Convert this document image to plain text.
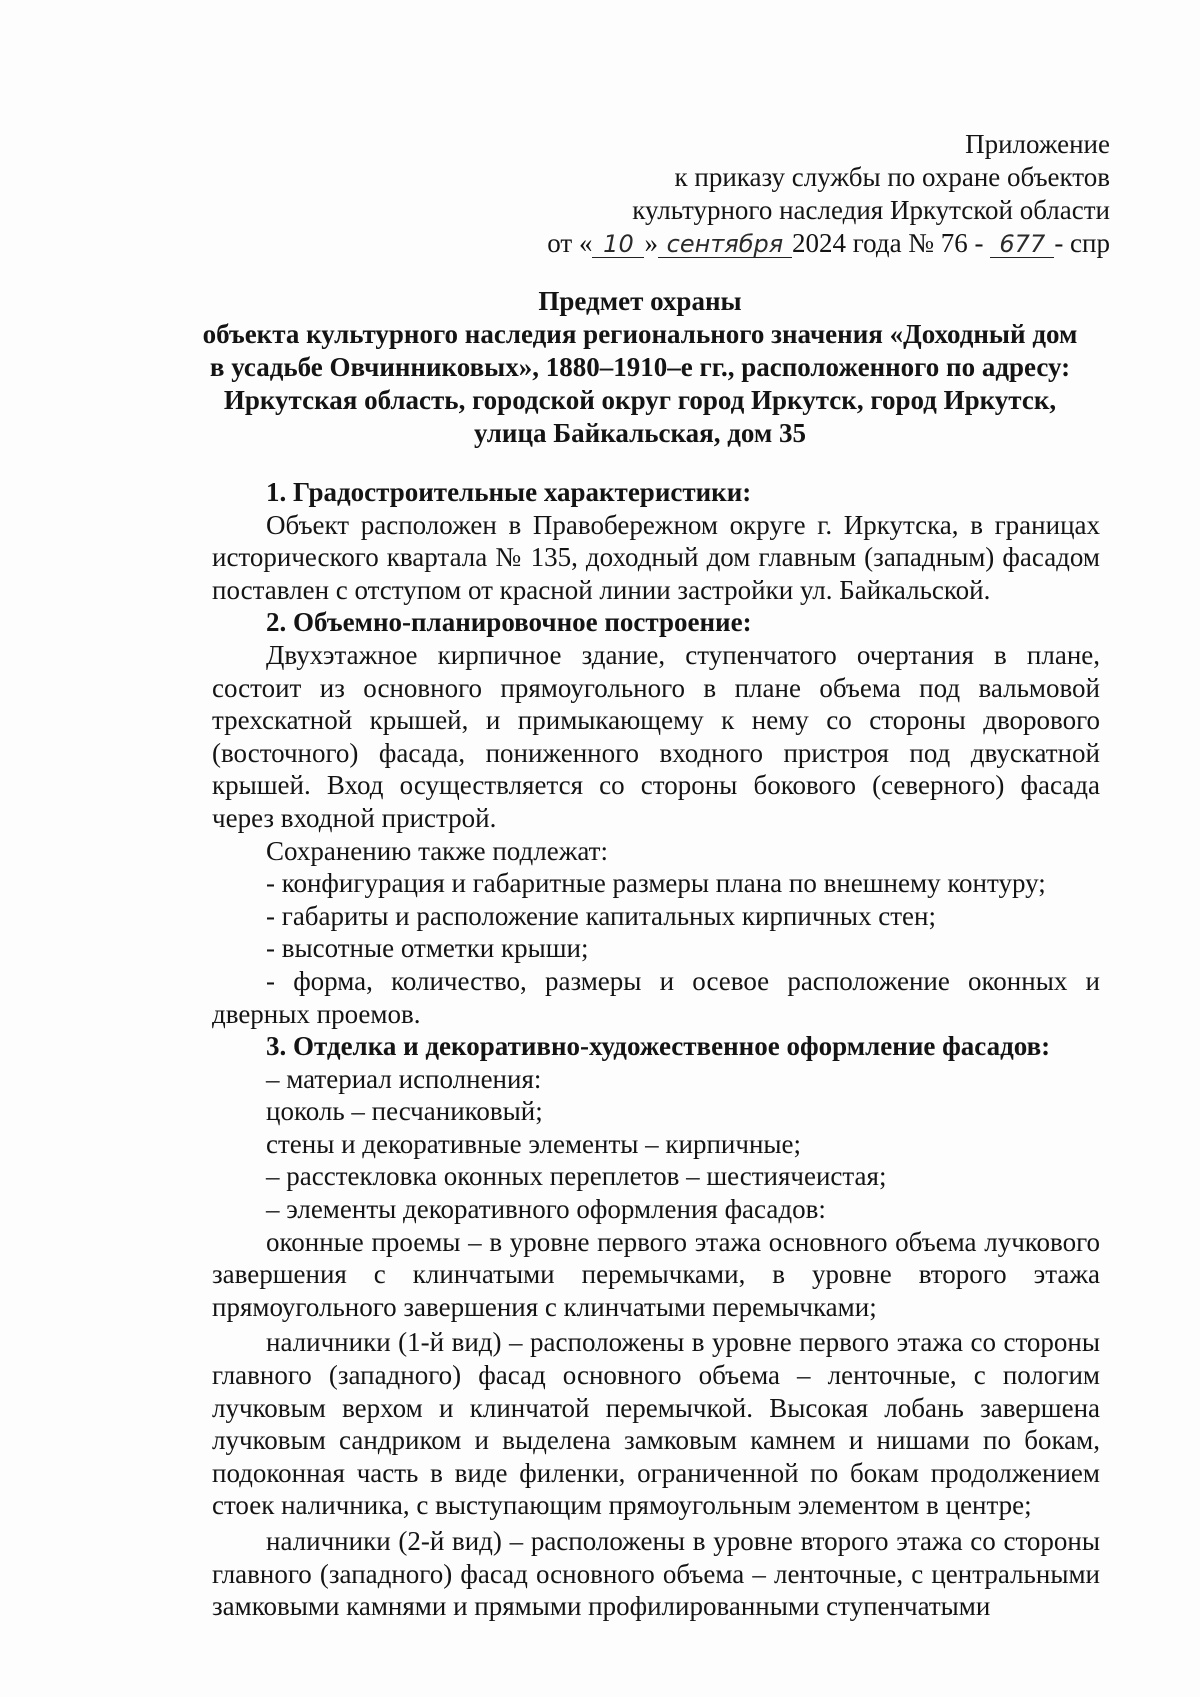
Приложение
к приказу службы по охране объектов
культурного наследия Иркутской области
от « 10 » сентября 2024 года № 76 - 677 - спр
Предмет охраны
объекта культурного наследия регионального значения «Доходный дом
в усадьбе Овчинниковых», 1880–1910–е гг., расположенного по адресу:
Иркутская область, городской округ город Иркутск, город Иркутск,
улица Байкальская, дом 35

1. Градостроительные характеристики:

Объект расположен в Правобережном округе г. Иркутска, в границах исторического квартала № 135, доходный дом главным (западным) фасадом поставлен с отступом от красной линии застройки ул. Байкальской.

2. Объемно-планировочное построение:

Двухэтажное кирпичное здание, ступенчатого очертания в плане, состоит из основного прямоугольного в плане объема под вальмовой трехскатной крышей, и примыкающему к нему со стороны дворового (восточного) фасада, пониженного входного пристроя под двускатной крышей. Вход осуществляется со стороны бокового (северного) фасада через входной пристрой.

Сохранению также подлежат:

- конфигурация и габаритные размеры плана по внешнему контуру;

- габариты и расположение капитальных кирпичных стен;

- высотные отметки крыши;

- форма, количество, размеры и осевое расположение оконных и дверных проемов.

3. Отделка и декоративно-художественное оформление фасадов:

– материал исполнения:

цоколь – песчаниковый;

стены и декоративные элементы – кирпичные;

– расстекловка оконных переплетов – шестиячеистая;

– элементы декоративного оформления фасадов:

оконные проемы – в уровне первого этажа основного объема лучкового завершения с клинчатыми перемычками, в уровне второго этажа прямоугольного завершения с клинчатыми перемычками;

наличники (1-й вид) – расположены в уровне первого этажа со стороны главного (западного) фасад основного объема – ленточные, с пологим лучковым верхом и клинчатой перемычкой. Высокая лобань завершена лучковым сандриком и выделена замковым камнем и нишами по бокам, подоконная часть в виде филенки, ограниченной по бокам продолжением стоек наличника, с выступающим прямоугольным элементом в центре;

наличники (2-й вид) – расположены в уровне второго этажа со стороны главного (западного) фасад основного объема – ленточные, с центральными замковыми камнями и прямыми профилированными ступенчатыми
